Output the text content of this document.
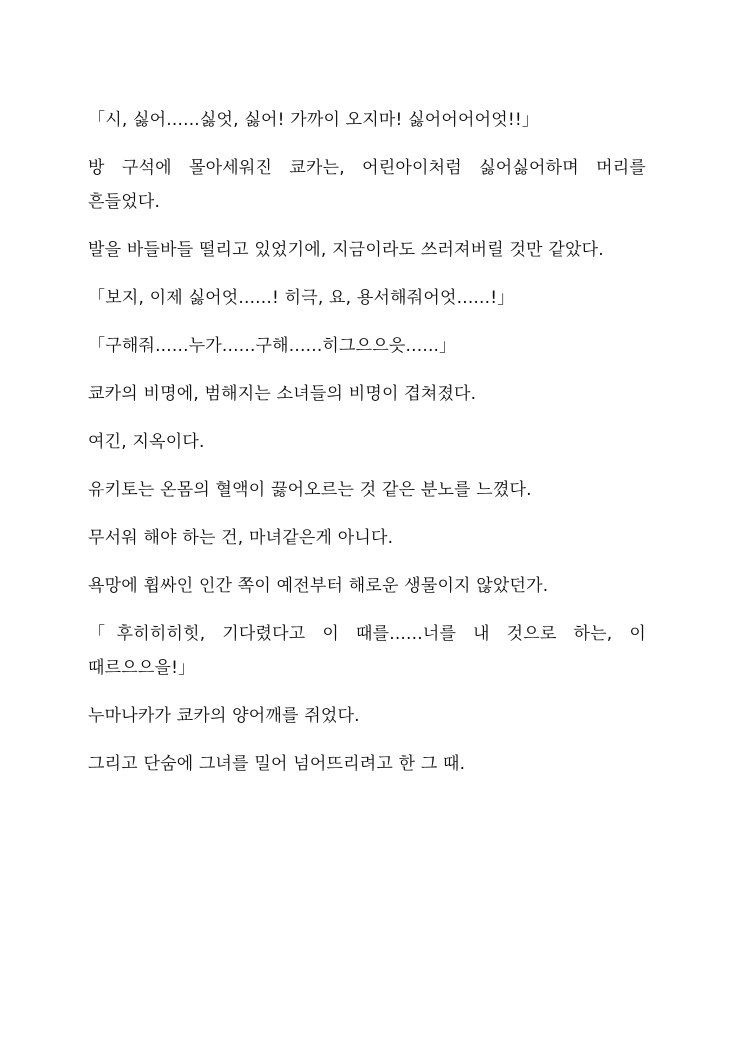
「시, 싫어......싫엇, 싫어! 가까이 오지마! 싫어어어어엇!!」

방 구석에 몰아세워진 쿄카는, 어린아이처럼 싫어싫어하며 머리를 흔들었다.

발을 바들바들 떨리고 있었기에, 지금이라도 쓰러져버릴 것만 같았다.

「보지, 이제 싫어엇......! 히극, 요, 용서해줘어엇......!」

「구해줘......누가......구해......히그으으읏......」

쿄카의 비명에, 범해지는 소녀들의 비명이 겹쳐졌다.

여긴, 지옥이다.

유키토는 온몸의 혈액이 끓어오르는 것 같은 분노를 느꼈다.

무서워 해야 하는 건, 마녀같은게 아니다.

욕망에 휩싸인 인간 쪽이 예전부터 해로운 생물이지 않았던가.

「후히히히힛, 기다렸다고 이 때를......너를 내 것으로 하는, 이 때르으으을!」

누마나카가 쿄카의 양어깨를 쥐었다.

그리고 단숨에 그녀를 밀어 넘어뜨리려고 한 그 때.
